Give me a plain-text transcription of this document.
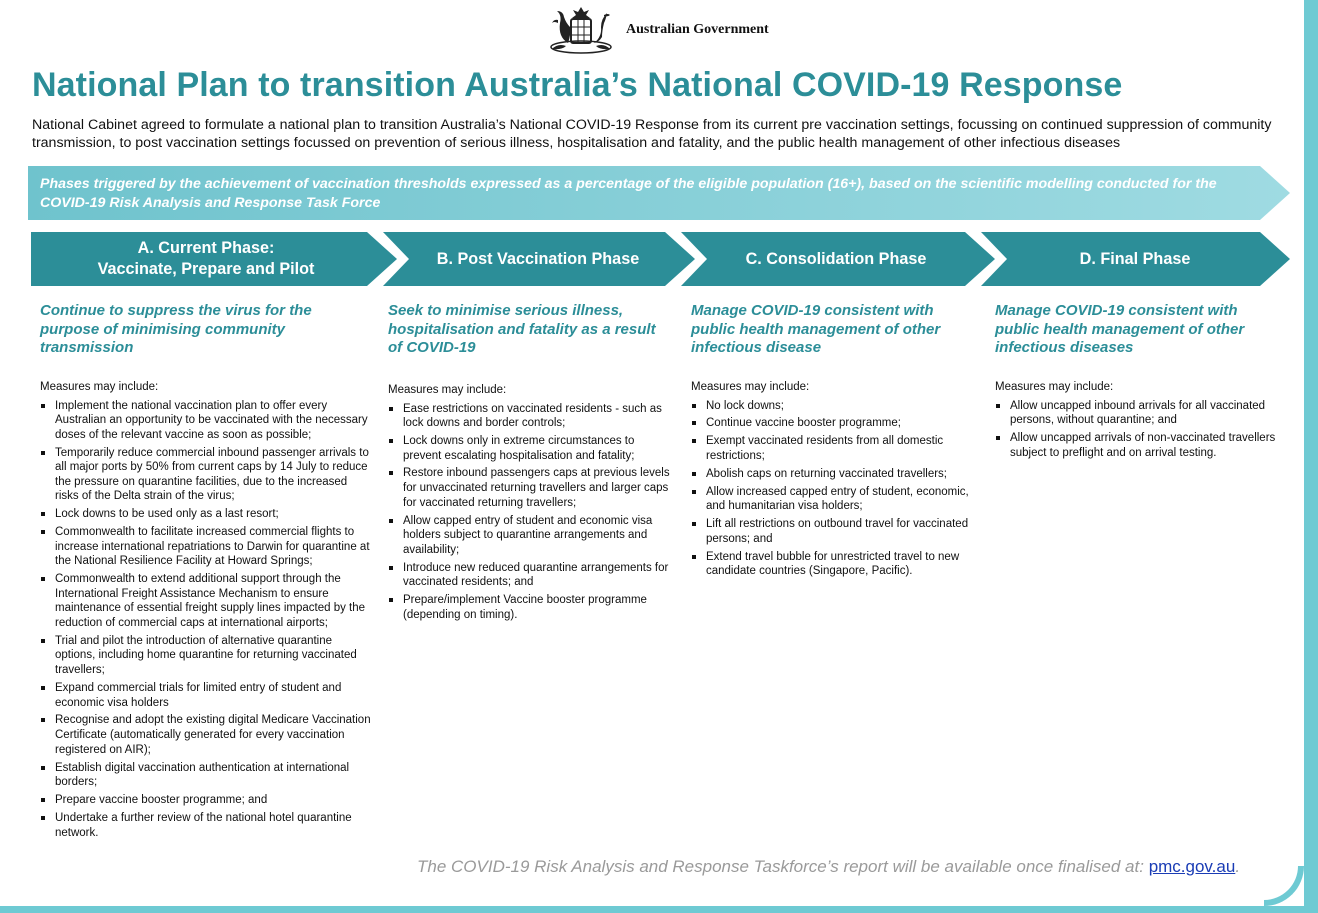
Australian Government
National Plan to transition Australia’s National COVID-19 Response

National Cabinet agreed to formulate a national plan to transition Australia’s National COVID-19 Response from its current pre vaccination settings, focussing on continued suppression of community transmission, to post vaccination settings focussed on prevention of serious illness, hospitalisation and fatality, and the public health management of other infectious diseases

Phases triggered by the achievement of vaccination thresholds expressed as a percentage of the eligible population (16+), based on the scientific modelling conducted for the COVID-19 Risk Analysis and Response Task Force
A. Current Phase:
Vaccinate, Prepare and Pilot
B. Post Vaccination Phase	C. Consolidation Phase	D. Final Phase
Continue to suppress the virus for the purpose of minimising community transmission
Measures may include:
Implement the national vaccination plan to offer every Australian an opportunity to be vaccinated with the necessary doses of the relevant vaccine as soon as possible;
Temporarily reduce commercial inbound passenger arrivals to all major ports by 50% from current caps by 14 July to reduce the pressure on quarantine facilities, due to the increased risks of the Delta strain of the virus;
Lock downs to be used only as a last resort;
Commonwealth to facilitate increased commercial flights to increase international repatriations to Darwin for quarantine at the National Resilience Facility at Howard Springs;
Commonwealth to extend additional support through the International Freight Assistance Mechanism to ensure maintenance of essential freight supply lines impacted by the reduction of commercial caps at international airports;
Trial and pilot the introduction of alternative quarantine options, including home quarantine for returning vaccinated travellers;
Expand commercial trials for limited entry of student and economic visa holders
Recognise and adopt the existing digital Medicare Vaccination Certificate (automatically generated for every vaccination registered on AIR);
Establish digital vaccination authentication at international borders;
Prepare vaccine booster programme; and
Undertake a further review of the national hotel quarantine network.
Seek to minimise serious illness, hospitalisation and fatality as a result of COVID-19
Measures may include:
Ease restrictions on vaccinated residents - such as lock downs and border controls;
Lock downs only in extreme circumstances to prevent escalating hospitalisation and fatality;
Restore inbound passengers caps at previous levels for unvaccinated returning travellers and larger caps for vaccinated returning travellers;
Allow capped entry of student and economic visa holders subject to quarantine arrangements and availability;
Introduce new reduced quarantine arrangements for vaccinated residents; and
Prepare/implement Vaccine booster programme (depending on timing).
Manage COVID-19 consistent with public health management of other infectious disease
Measures may include:
No lock downs;
Continue vaccine booster programme;
Exempt vaccinated residents from all domestic restrictions;
Abolish caps on returning vaccinated travellers;
Allow increased capped entry of student, economic, and humanitarian visa holders;
Lift all restrictions on outbound travel for vaccinated persons; and
Extend travel bubble for unrestricted travel to new candidate countries (Singapore, Pacific).
Manage COVID-19 consistent with public health management of other infectious diseases
Measures may include:
Allow uncapped inbound arrivals for all vaccinated persons, without quarantine; and
Allow uncapped arrivals of non-vaccinated travellers subject to preflight and on arrival testing.
The COVID-19 Risk Analysis and Response Taskforce’s report will be available once finalised at: pmc.gov.au.
